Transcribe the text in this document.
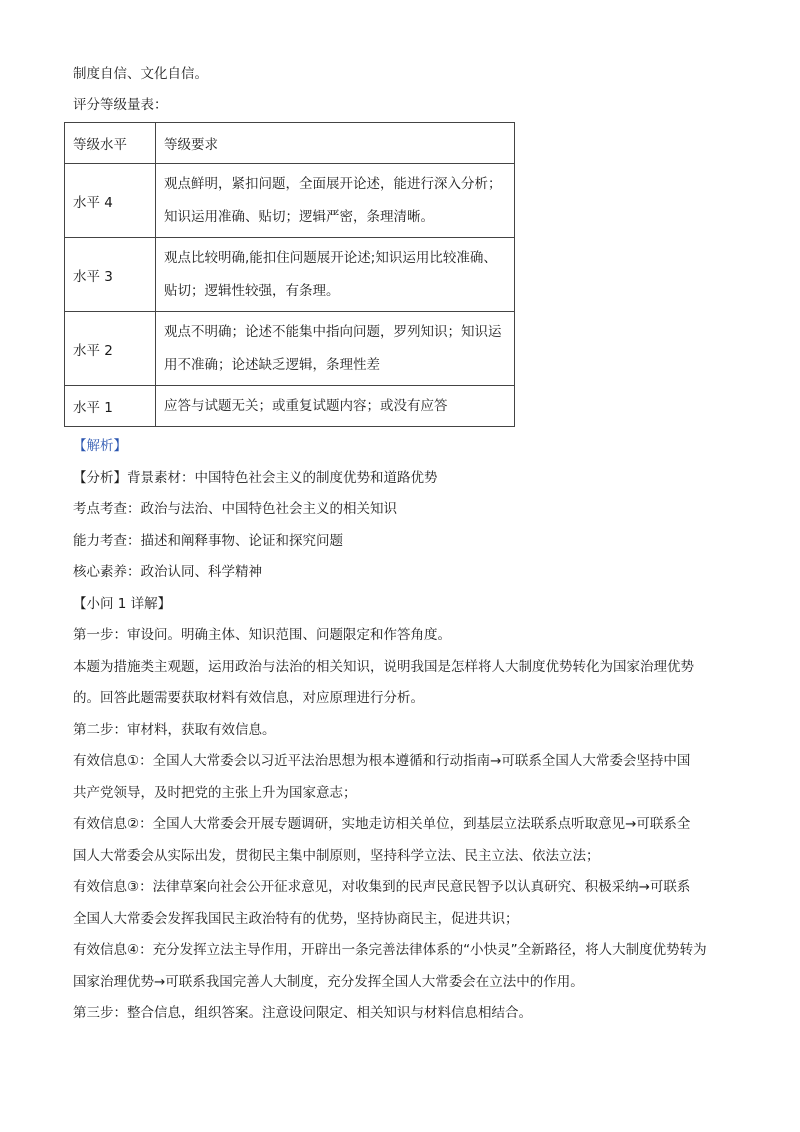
制度自信、文化自信。
评分等级量表：
等级水平	等级要求
水平 4	观点鲜明，紧扣问题，全面展开论述，能进行深入分析；
知识运用准确、贴切；逻辑严密，条理清晰。

水平 3	观点比较明确,能扣住问题展开论述;知识运用比较准确、
贴切；逻辑性较强，有条理。

水平 2	观点不明确；论述不能集中指向问题，罗列知识；知识运
用不准确；论述缺乏逻辑，条理性差

水平 1	应答与试题无关；或重复试题内容；或没有应答
【解析】
【分析】背景素材：中国特色社会主义的制度优势和道路优势
考点考查：政治与法治、中国特色社会主义的相关知识
能力考查：描述和阐释事物、论证和探究问题
核心素养：政治认同、科学精神
【小问 1 详解】
第一步：审设问。明确主体、知识范围、问题限定和作答角度。
本题为措施类主观题，运用政治与法治的相关知识，说明我国是怎样将人大制度优势转化为国家治理优势
的。回答此题需要获取材料有效信息，对应原理进行分析。
第二步：审材料，获取有效信息。
有效信息①：全国人大常委会以习近平法治思想为根本遵循和行动指南→可联系全国人大常委会坚持中国
共产党领导，及时把党的主张上升为国家意志；
有效信息②：全国人大常委会开展专题调研，实地走访相关单位，到基层立法联系点听取意见→可联系全
国人大常委会从实际出发，贯彻民主集中制原则，坚持科学立法、民主立法、依法立法；
有效信息③：法律草案向社会公开征求意见，对收集到的民声民意民智予以认真研究、积极采纳→可联系
全国人大常委会发挥我国民主政治特有的优势，坚持协商民主，促进共识；
有效信息④：充分发挥立法主导作用，开辟出一条完善法律体系的“小快灵”全新路径，将人大制度优势转为
国家治理优势→可联系我国完善人大制度，充分发挥全国人大常委会在立法中的作用。
第三步：整合信息，组织答案。注意设问限定、相关知识与材料信息相结合。
